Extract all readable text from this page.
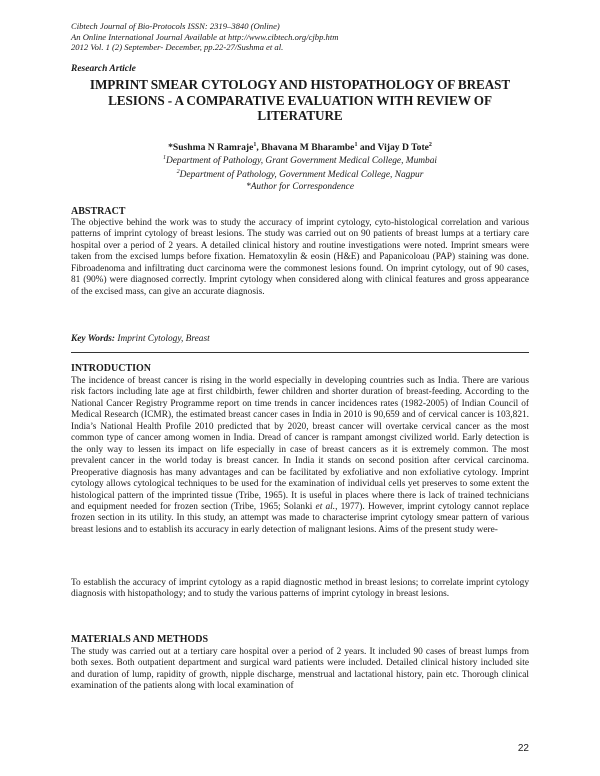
Cibtech Journal of Bio-Protocols ISSN: 2319–3840 (Online)
An Online International Journal Available at http://www.cibtech.org/cjbp.htm
2012 Vol. 1 (2) September- December, pp.22-27/Sushma et al.
Research Article
IMPRINT SMEAR CYTOLOGY AND HISTOPATHOLOGY OF BREAST LESIONS - A COMPARATIVE EVALUATION WITH REVIEW OF LITERATURE
*Sushma N Ramraje$^1$, Bhavana M Bharambe$^1$ and Vijay D Tote$^2$
$^1$Department of Pathology, Grant Government Medical College, Mumbai
$^2$Department of Pathology, Government Medical College, Nagpur
*Author for Correspondence
ABSTRACT
The objective behind the work was to study the accuracy of imprint cytology, cyto-histological correlation and various patterns of imprint cytology of breast lesions. The study was carried out on 90 patients of breast lumps at a tertiary care hospital over a period of 2 years. A detailed clinical history and routine investigations were noted. Imprint smears were taken from the excised lumps before fixation. Hematoxylin & eosin (H&E) and Papanicoloau (PAP) staining was done. Fibroadenoma and infiltrating duct carcinoma were the commonest lesions found. On imprint cytology, out of 90 cases, 81 (90%) were diagnosed correctly. Imprint cytology when considered along with clinical features and gross appearance of the excised mass, can give an accurate diagnosis.
Key Words: Imprint Cytology, Breast
INTRODUCTION
The incidence of breast cancer is rising in the world especially in developing countries such as India. There are various risk factors including late age at first childbirth, fewer children and shorter duration of breast-feeding. According to the National Cancer Registry Programme report on time trends in cancer incidences rates (1982-2005) of Indian Council of Medical Research (ICMR), the estimated breast cancer cases in India in 2010 is 90,659 and of cervical cancer is 103,821. India’s National Health Profile 2010 predicted that by 2020, breast cancer will overtake cervical cancer as the most common type of cancer among women in India. Dread of cancer is rampant amongst civilized world. Early detection is the only way to lessen its impact on life especially in case of breast cancers as it is extremely common. The most prevalent cancer in the world today is breast cancer. In India it stands on second position after cervical carcinoma. Preoperative diagnosis has many advantages and can be facilitated by exfoliative and non exfoliative cytology. Imprint cytology allows cytological techniques to be used for the examination of individual cells yet preserves to some extent the histological pattern of the imprinted tissue (Tribe, 1965). It is useful in places where there is lack of trained technicians and equipment needed for frozen section (Tribe, 1965; Solanki et al., 1977). However, imprint cytology cannot replace frozen section in its utility. In this study, an attempt was made to characterise imprint cytology smear pattern of various breast lesions and to establish its accuracy in early detection of malignant lesions. Aims of the present study were-
To establish the accuracy of imprint cytology as a rapid diagnostic method in breast lesions; to correlate imprint cytology diagnosis with histopathology; and to study the various patterns of imprint cytology in breast lesions.
MATERIALS AND METHODS
The study was carried out at a tertiary care hospital over a period of 2 years. It included 90 cases of breast lumps from both sexes. Both outpatient department and surgical ward patients were included. Detailed clinical history included site and duration of lump, rapidity of growth, nipple discharge, menstrual and lactational history, pain etc. Thorough clinical examination of the patients along with local examination of
22
